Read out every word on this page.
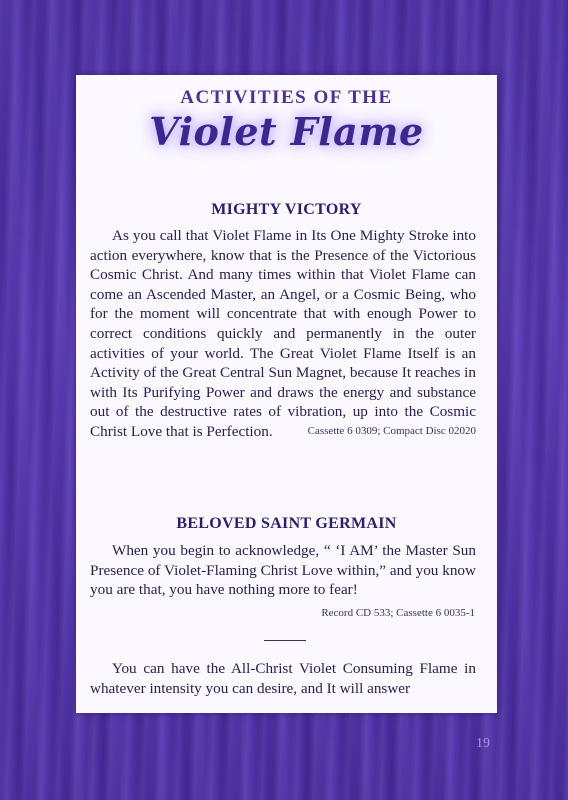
ACTIVITIES OF THE
Violet Flame
MIGHTY VICTORY
As you call that Violet Flame in Its One Mighty Stroke into action everywhere, know that is the Presence of the Victorious Cosmic Christ. And many times within that Violet Flame can come an Ascended Master, an Angel, or a Cosmic Being, who for the moment will concentrate that with enough Power to correct conditions quickly and permanently in the outer activities of your world. The Great Violet Flame Itself is an Activity of the Great Central Sun Magnet, because It reaches in with Its Purifying Power and draws the energy and substance out of the destructive rates of vibration, up into the Cosmic Christ Love that is Perfection.	Cassette 6 0309; Compact Disc 02020
BELOVED SAINT GERMAIN
When you begin to acknowledge, “ ‘I AM’ the Master Sun Presence of Violet-Flaming Christ Love within,” and you know you are that, you have nothing more to fear!
Record CD 533; Cassette 6 0035-1
You can have the All-Christ Violet Consuming Flame in whatever intensity you can desire, and It will answer
19
